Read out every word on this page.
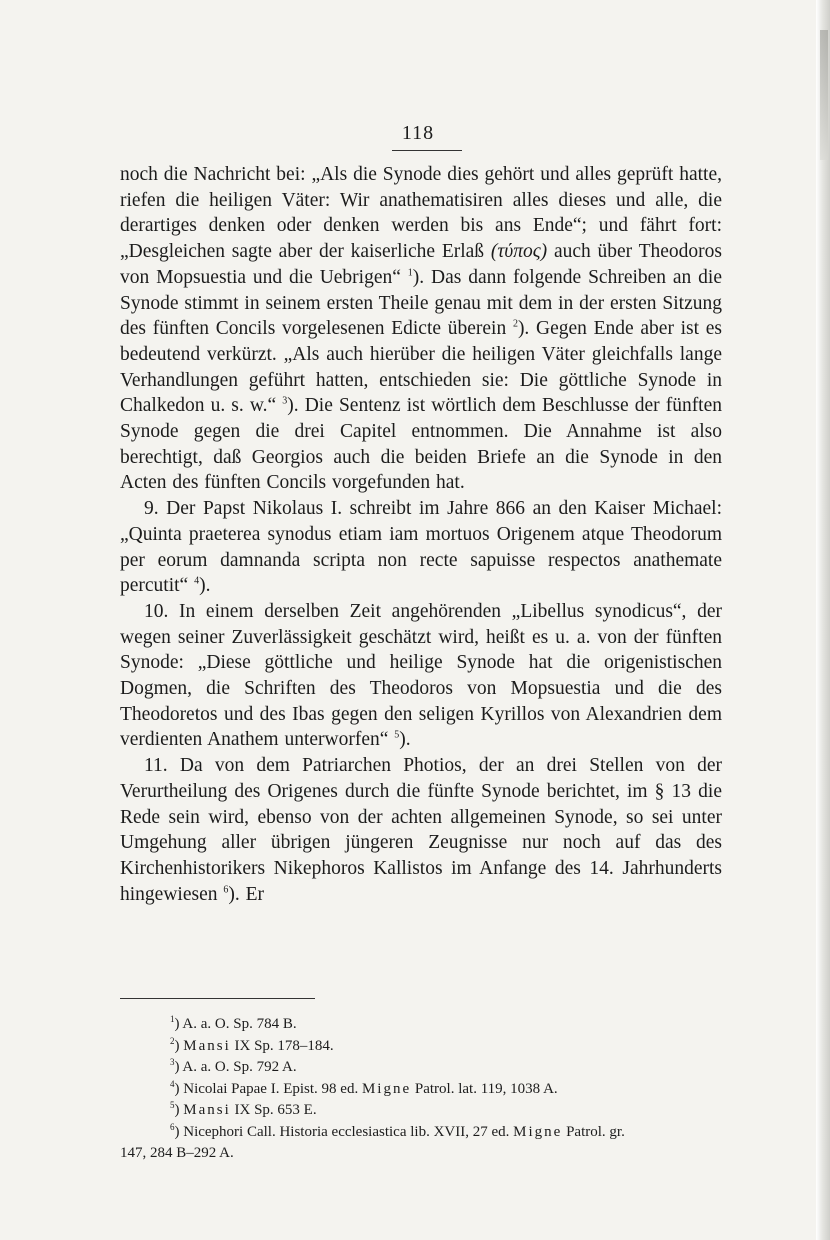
118

noch die Nachricht bei: „Als die Synode dies gehört und alles geprüft hatte, riefen die heiligen Väter: Wir anathematisiren alles dieses und alle, die derartiges denken oder denken werden bis ans Ende“; und fährt fort: „Desgleichen sagte aber der kaiserliche Erlaß (τύπος) auch über Theodoros von Mopsuestia und die Uebrigen“ $^1$). Das dann folgende Schreiben an die Synode stimmt in seinem ersten Theile genau mit dem in der ersten Sitzung des fünften Concils vorgelesenen Edicte überein $^2$). Gegen Ende aber ist es bedeutend verkürzt. „Als auch hierüber die heiligen Väter gleichfalls lange Verhandlungen geführt hatten, entschieden sie: Die göttliche Synode in Chalkedon u. s. w.“ $^3$). Die Sentenz ist wörtlich dem Beschlusse der fünften Synode gegen die drei Capitel entnommen. Die Annahme ist also berechtigt, daß Georgios auch die beiden Briefe an die Synode in den Acten des fünften Concils vorgefunden hat.

9. Der Papst Nikolaus I. schreibt im Jahre 866 an den Kaiser Michael: „Quinta praeterea synodus etiam iam mortuos Origenem atque Theodorum per eorum damnanda scripta non recte sapuisse respectos anathemate percutit“ $^4$).

10. In einem derselben Zeit angehörenden „Libellus synodicus“, der wegen seiner Zuverlässigkeit geschätzt wird, heißt es u. a. von der fünften Synode: „Diese göttliche und heilige Synode hat die origenistischen Dogmen, die Schriften des Theodoros von Mopsuestia und die des Theodoretos und des Ibas gegen den seligen Kyrillos von Alexandrien dem verdienten Anathem unterworfen“ $^5$).

11. Da von dem Patriarchen Photios, der an drei Stellen von der Verurtheilung des Origenes durch die fünfte Synode berichtet, im § 13 die Rede sein wird, ebenso von der achten allgemeinen Synode, so sei unter Umgehung aller übrigen jüngeren Zeugnisse nur noch auf das des Kirchenhistorikers Nikephoros Kallistos im Anfange des 14. Jahrhunderts hingewiesen $^6$). Er

$^1$) A. a. O. Sp. 784 B.

$^2$) Mansi IX Sp. 178–184.

$^3$) A. a. O. Sp. 792 A.

$^4$) Nicolai Papae I. Epist. 98 ed. Migne Patrol. lat. 119, 1038 A.

$^5$) Mansi IX Sp. 653 E.

$^6$) Nicephori Call. Historia ecclesiastica lib. XVII, 27 ed. Migne Patrol. gr.

147, 284 B–292 A.
